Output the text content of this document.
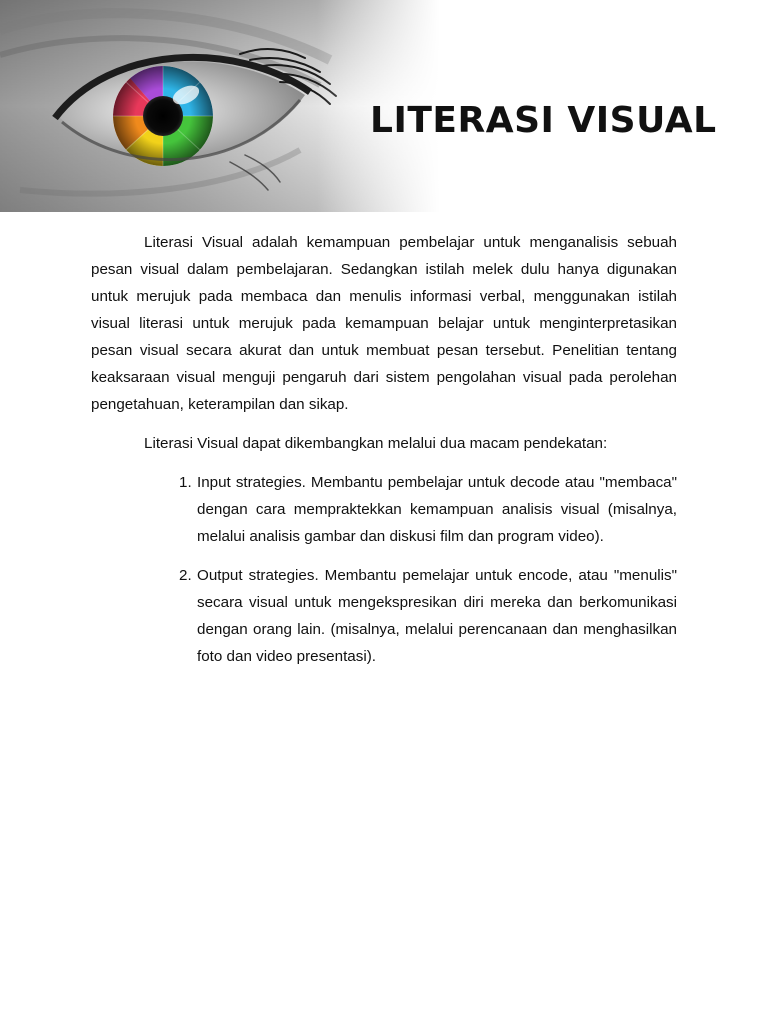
LITERASI VISUAL

Literasi Visual adalah kemampuan pembelajar untuk menganalisis sebuah pesan visual dalam pembelajaran. Sedangkan istilah melek dulu hanya digunakan untuk merujuk pada membaca dan menulis informasi verbal, menggunakan istilah visual literasi untuk merujuk pada kemampuan belajar untuk menginterpretasikan pesan visual secara akurat dan untuk membuat pesan tersebut. Penelitian tentang keaksaraan visual menguji pengaruh dari sistem pengolahan visual pada perolehan pengetahuan, keterampilan dan sikap.

Literasi Visual dapat dikembangkan melalui dua macam pendekatan:

1. Input strategies. Membantu pembelajar untuk decode atau "membaca" dengan cara mempraktekkan kemampuan analisis visual (misalnya, melalui analisis gambar dan diskusi film dan program video).
2. Output strategies. Membantu pemelajar untuk encode, atau "menulis" secara visual untuk mengekspresikan diri mereka dan berkomunikasi dengan orang lain. (misalnya, melalui perencanaan dan menghasilkan foto dan video presentasi).
